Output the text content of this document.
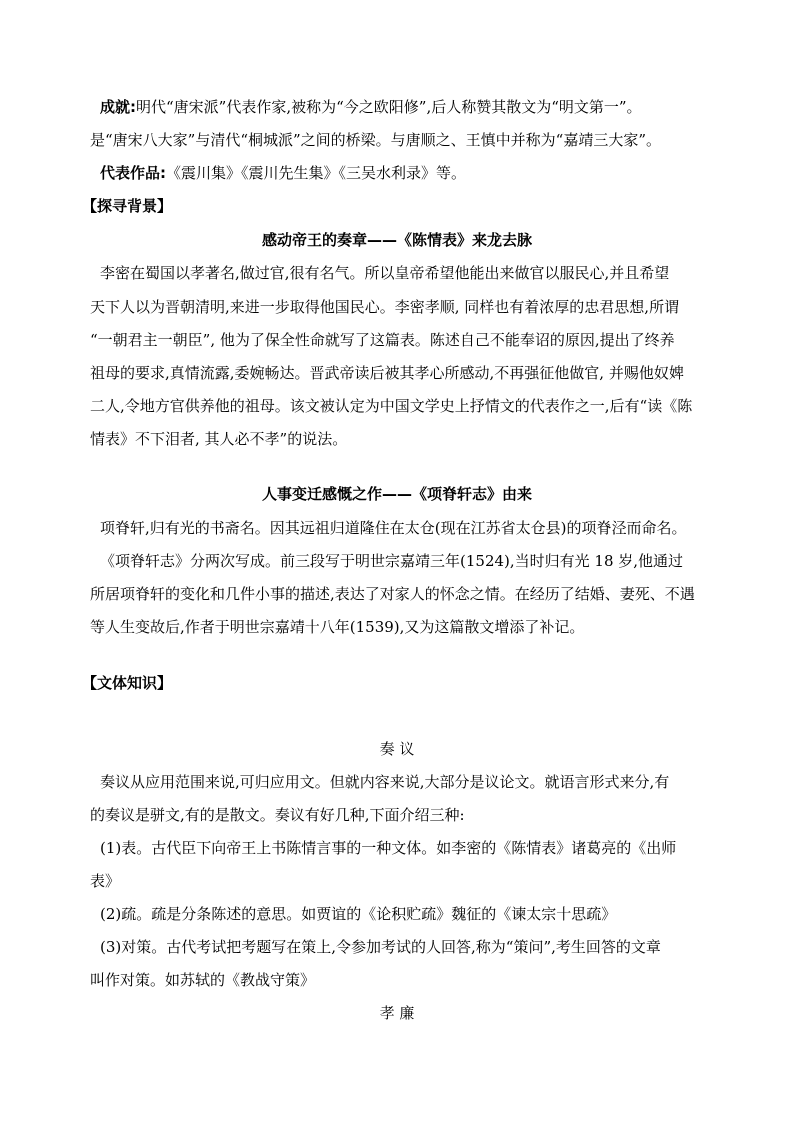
成就:明代“唐宋派”代表作家,被称为“今之欧阳修”,后人称赞其散文为“明文第一”。
是“唐宋八大家”与清代“桐城派”之间的桥梁。与唐顺之、王慎中并称为“嘉靖三大家”。
代表作品:《震川集》《震川先生集》《三吴水利录》等。
【探寻背景】
感动帝王的奏章——《陈情表》来龙去脉
李密在蜀国以孝著名,做过官,很有名气。所以皇帝希望他能出来做官以服民心,并且希望
天下人以为晋朝清明,来进一步取得他国民心。李密孝顺, 同样也有着浓厚的忠君思想,所谓
“一朝君主一朝臣”, 他为了保全性命就写了这篇表。陈述自己不能奉诏的原因,提出了终养
祖母的要求,真情流露,委婉畅达。晋武帝读后被其孝心所感动,不再强征他做官, 并赐他奴婢
二人,令地方官供养他的祖母。该文被认定为中国文学史上抒情文的代表作之一,后有“读《陈
情表》不下泪者, 其人必不孝”的说法。
人事变迁感慨之作——《项脊轩志》由来
项脊轩,归有光的书斋名。因其远祖归道隆住在太仓(现在江苏省太仓县)的项脊泾而命名。
《项脊轩志》分两次写成。前三段写于明世宗嘉靖三年(1524),当时归有光 18 岁,他通过
所居项脊轩的变化和几件小事的描述,表达了对家人的怀念之情。在经历了结婚、妻死、不遇
等人生变故后,作者于明世宗嘉靖十八年(1539),又为这篇散文增添了补记。
【文体知识】
奏 议
奏议从应用范围来说,可归应用文。但就内容来说,大部分是议论文。就语言形式来分,有
的奏议是骈文,有的是散文。奏议有好几种,下面介绍三种:
(1)表。古代臣下向帝王上书陈情言事的一种文体。如李密的《陈情表》诸葛亮的《出师
表》
(2)疏。疏是分条陈述的意思。如贾谊的《论积贮疏》魏征的《谏太宗十思疏》
(3)对策。古代考试把考题写在策上,令参加考试的人回答,称为“策问”,考生回答的文章
叫作对策。如苏轼的《教战守策》
孝 廉
